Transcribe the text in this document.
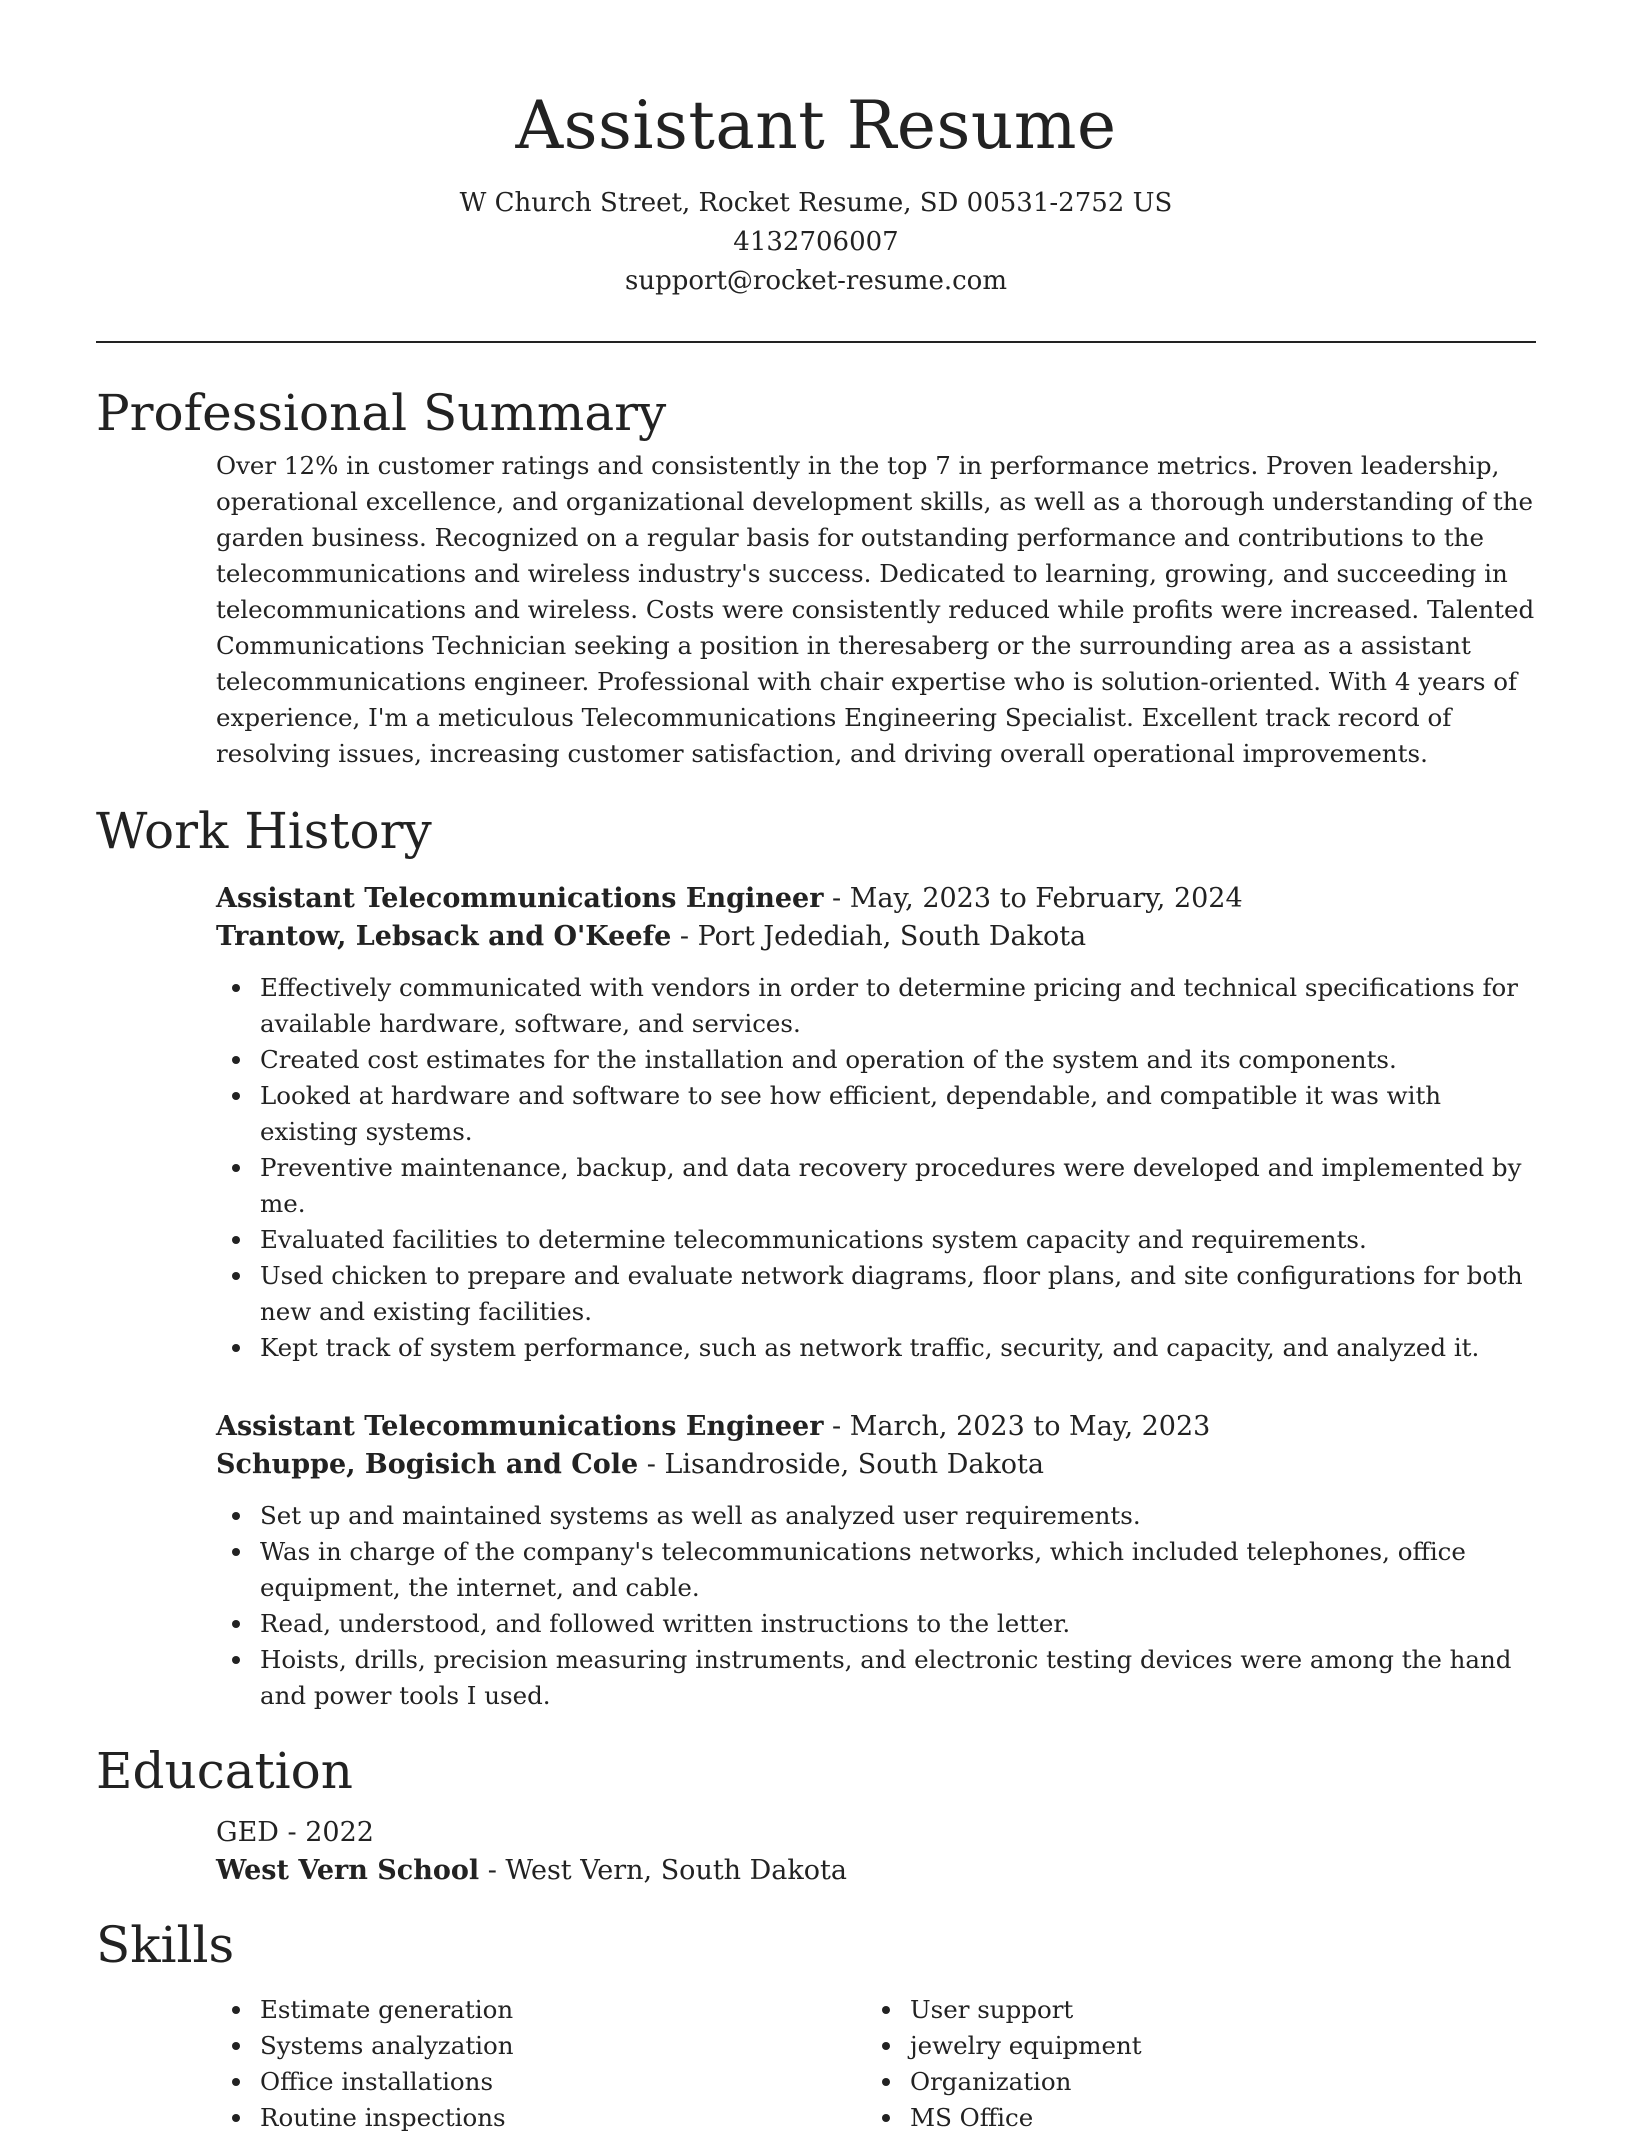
Assistant Resume
W Church Street, Rocket Resume, SD 00531-2752 US
4132706007
support@rocket-resume.com
Professional Summary

Over 12% in customer ratings and consistently in the top 7 in performance metrics. Proven leadership, operational excellence, and organizational development skills, as well as a thorough understanding of the garden business. Recognized on a regular basis for outstanding performance and contributions to the telecommunications and wireless industry's success. Dedicated to learning, growing, and succeeding in telecommunications and wireless. Costs were consistently reduced while profits were increased. Talented Communications Technician seeking a position in theresaberg or the surrounding area as a assistant telecommunications engineer. Professional with chair expertise who is solution-oriented. With 4 years of experience, I'm a meticulous Telecommunications Engineering Specialist. Excellent track record of resolving issues, increasing customer satisfaction, and driving overall operational improvements.

Work History
Assistant Telecommunications Engineer - May, 2023 to February, 2024
Trantow, Lebsack and O'Keefe - Port Jedediah, South Dakota
Effectively communicated with vendors in order to determine pricing and technical specifications for available hardware, software, and services.
Created cost estimates for the installation and operation of the system and its components.
Looked at hardware and software to see how efficient, dependable, and compatible it was with existing systems.
Preventive maintenance, backup, and data recovery procedures were developed and implemented by me.
Evaluated facilities to determine telecommunications system capacity and requirements.
Used chicken to prepare and evaluate network diagrams, floor plans, and site configurations for both new and existing facilities.
Kept track of system performance, such as network traffic, security, and capacity, and analyzed it.
Assistant Telecommunications Engineer - March, 2023 to May, 2023
Schuppe, Bogisich and Cole - Lisandroside, South Dakota
Set up and maintained systems as well as analyzed user requirements.
Was in charge of the company's telecommunications networks, which included telephones, office equipment, the internet, and cable.
Read, understood, and followed written instructions to the letter.
Hoists, drills, precision measuring instruments, and electronic testing devices were among the hand and power tools I used.
Education
GED - 2022
West Vern School - West Vern, South Dakota
Skills
Estimate generation
Systems analyzation
Office installations
Routine inspections
User support
jewelry equipment
Organization
MS Office
